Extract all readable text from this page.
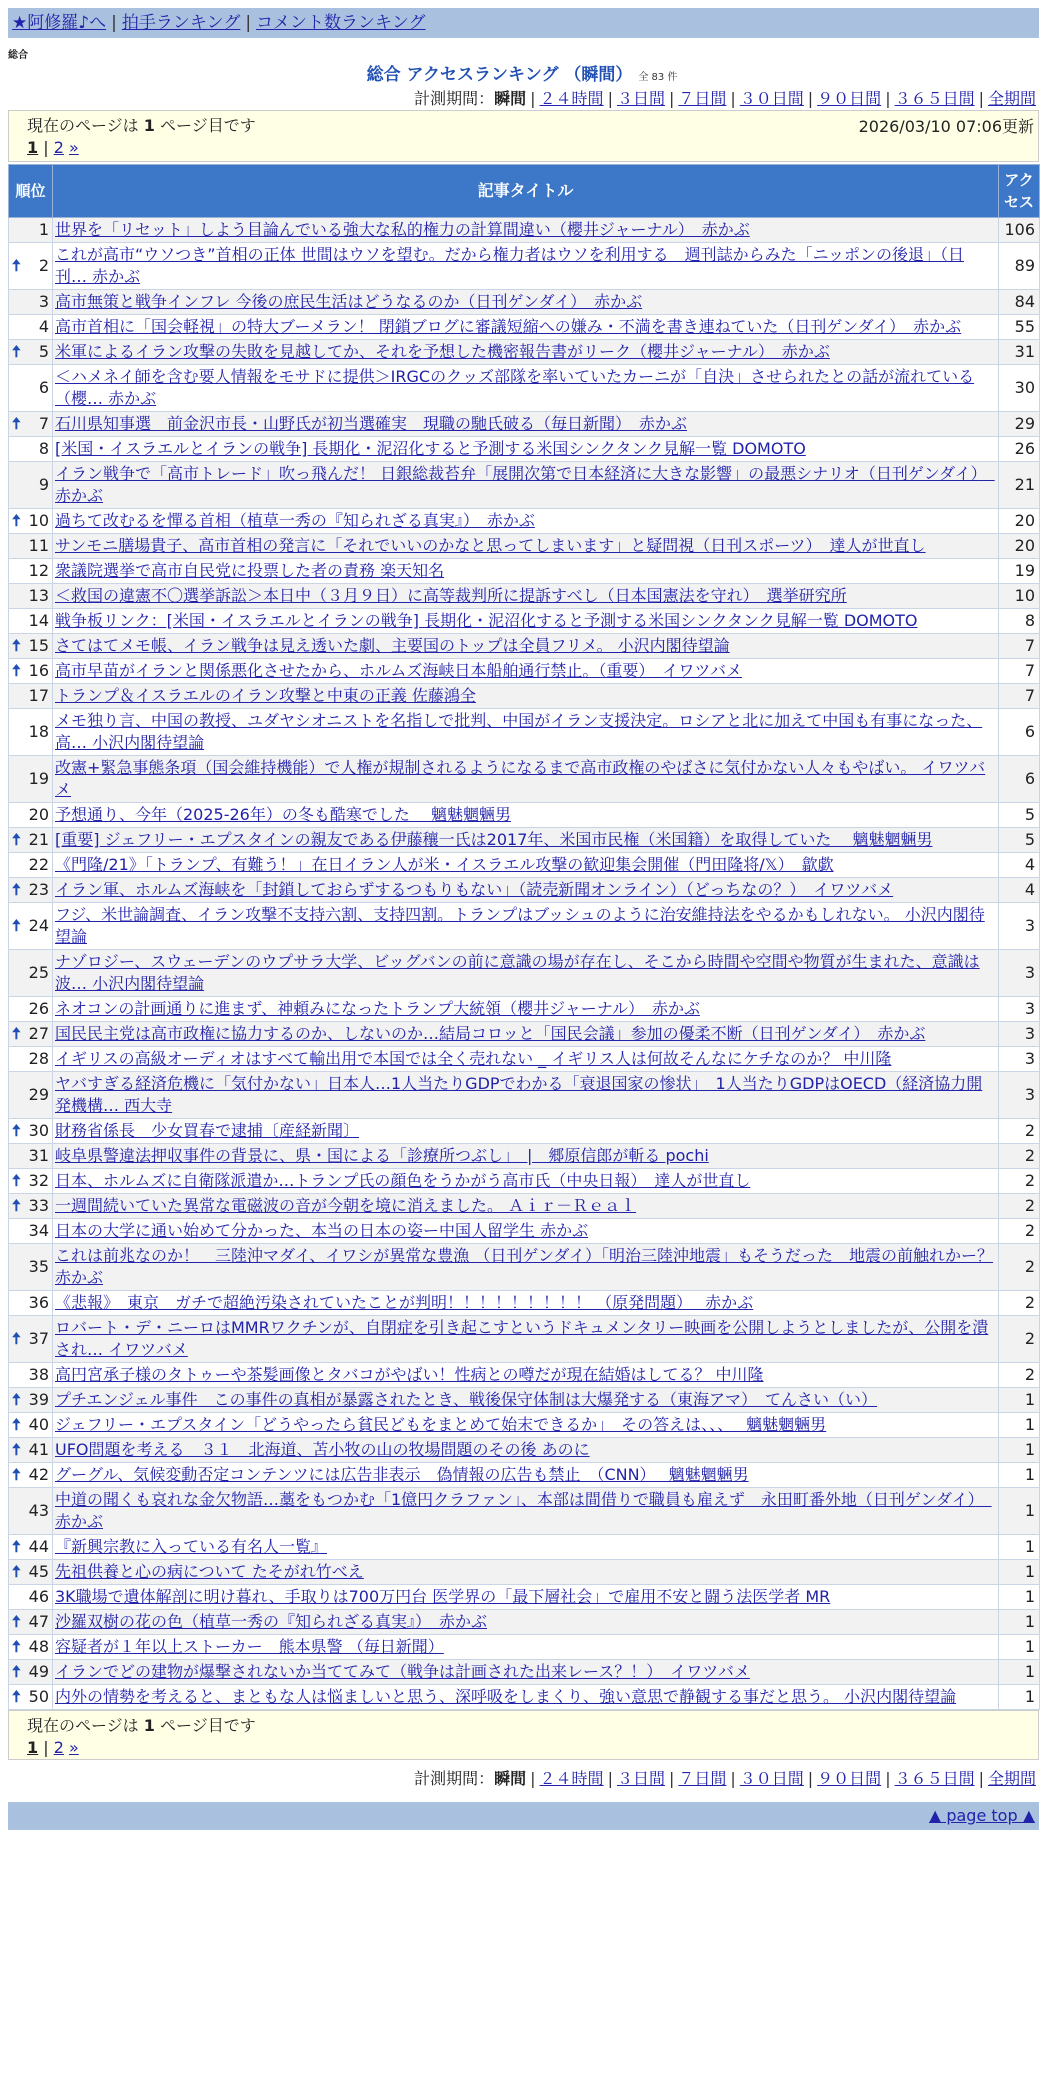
★阿修羅♪へ | 拍手ランキング | コメント数ランキング
総合
総合 アクセスランキング （瞬間） 全 83 件
計測期間：瞬間 | ２４時間 | ３日間 | ７日間 | ３０日間 | ９０日間 | ３６５日間 | 全期間
現在のページは 1 ページ目です	2026/03/10 07:06更新
1 | 2 »
順位	記事タイトル	アクセス
1	世界を「リセット」しよう目論んでいる強大な私的権力の計算間違い（櫻井ジャーナル）　赤かぶ	106

🠅 2	これが高市“ウソつき”首相の正体 世間はウソを望む。だから権力者はウソを利用する　週刊誌からみた「ニッポンの後退」（日刊… 赤かぶ	89
3	高市無策と戦争インフレ 今後の庶民生活はどうなるのか（日刊ゲンダイ）　赤かぶ	84
4	高市首相に「国会軽視」の特大ブーメラン！ 閉鎖ブログに審議短縮への嫌み・不満を書き連ねていた（日刊ゲンダイ）　赤かぶ	55

🠅 5	米軍によるイラン攻撃の失敗を見越してか、それを予想した機密報告書がリーク（櫻井ジャーナル）　赤かぶ	31
6	＜ハメネイ師を含む要人情報をモサドに提供＞IRGCのクッズ部隊を率いていたカーニが「自決」させられたとの話が流れている（櫻… 赤かぶ	30

🠅 7	石川県知事選　前金沢市長・山野氏が初当選確実　現職の馳氏破る（毎日新聞）　赤かぶ	29
8	[米国・イスラエルとイランの戦争] 長期化・泥沼化すると予測する米国シンクタンク見解一覧 DOMOTO	26
9	イラン戦争で「高市トレード」吹っ飛んだ！ 日銀総裁苔弁「展開次第で日本経済に大きな影響」の最悪シナリオ（日刊ゲンダイ）　赤かぶ	21

🠅 10	過ちて改むるを憚る首相（植草一秀の『知られざる真実』）　赤かぶ	20
11	サンモニ膳場貴子、高市首相の発言に「それでいいのかなと思ってしまいます」と疑問視（日刊スポーツ）　達人が世直し	20
12	衆議院選挙で高市自民党に投票した者の責務 楽天知名	19
13	＜救国の違憲不〇選挙訴訟＞本日中（３月９日）に高等裁判所に提訴すべし（日本国憲法を守れ）　選挙研究所	10
14	戦争板リンク：[米国・イスラエルとイランの戦争] 長期化・泥沼化すると予測する米国シンクタンク見解一覧 DOMOTO	8

🠅 15	さてはてメモ帳、イラン戦争は見え透いた劇、主要国のトップは全員フリメ。 小沢内閣待望論	7

🠅 16	高市早苗がイランと関係悪化させたから、ホルムズ海峡日本船舶通行禁止。（重要）　イワツバメ	7
17	トランプ＆イスラエルのイラン攻撃と中東の正義 佐藤鴻全	7
18	メモ独り言、中国の教授、ユダヤシオニストを名指しで批判、中国がイラン支援決定。ロシアと北に加えて中国も有事になった、高… 小沢内閣待望論	6
19	改憲+緊急事態条項（国会維持機能）で人権が規制されるようになるまで高市政権のやばさに気付かない人々もやばい。 イワツバメ	6
20	予想通り、今年（2025-26年）の冬も酷寒でした　 魑魅魍魎男	5

🠅 21	[重要] ジェフリー・エプスタインの親友である伊藤穰一氏は2017年、米国市民権（米国籍）を取得していた　 魑魅魍魎男	5
22	《門隆/21》「トランプ、有難う！」在日イラン人が米・イスラエル攻撃の歓迎集会開催（門田隆将/𝕏）　歙歔	4

🠅 23	イラン軍、ホルムズ海峡を「封鎖しておらずするつもりもない」（読売新聞オンライン）（どっちなの？）　イワツバメ	4

🠅 24	フジ、米世論調査、イラン攻撃不支持六割、支持四割。トランプはブッシュのように治安維持法をやるかもしれない。 小沢内閣待望論	3
25	ナゾロジー、スウェーデンのウプサラ大学、ビッグバンの前に意識の場が存在し、そこから時間や空間や物質が生まれた、意識は波… 小沢内閣待望論	3
26	ネオコンの計画通りに進まず、神頼みになったトランプ大統領（櫻井ジャーナル）　赤かぶ	3

🠅 27	国民民主党は高市政権に協力するのか、しないのか…結局コロッと「国民会議」参加の優柔不断（日刊ゲンダイ）　赤かぶ	3
28	イギリスの高級オーディオはすべて輸出用で本国では全く売れない _ イギリス人は何故そんなにケチなのか？ 中川隆	3
29	ヤバすぎる経済危機に「気付かない」日本人…1人当たりGDPでわかる「衰退国家の惨状」　1人当たりGDPはOECD（経済協力開発機構… 西大寺	3

🠅 30	財務省係長　少女買春で逮捕〔産経新聞〕	2
31	岐阜県警違法押収事件の背景に、県・国による「診療所つぶし」　|　郷原信郎が斬る pochi	2

🠅 32	日本、ホルムズに自衛隊派遣か…トランプ氏の顔色をうかがう高市氏（中央日報）　達人が世直し	2

🠅 33	一週間続いていた異常な電磁波の音が今朝を境に消えました。 Ａｉｒ－Ｒｅａｌ	2
34	日本の大学に通い始めて分かった、本当の日本の姿ー中国人留学生 赤かぶ	2
35	これは前兆なのか！　三陸沖マダイ、イワシが異常な豊漁 （日刊ゲンダイ）「明治三陸沖地震」もそうだった　地震の前触れかー？ 赤かぶ	2
36	《悲報》　東京　ガチで超絶汚染されていたことが判明！！！！！！！！！ （原発問題）　 赤かぶ	2

🠅 37	ロバート・デ・ニーロはMMRワクチンが、自閉症を引き起こすというドキュメンタリー映画を公開しようとしましたが、公開を潰され… イワツバメ	2
38	高円宮承子様のタトゥーや茶髪画像とタバコがやばい！性病との噂だが現在結婚はしてる？ 中川隆	2

🠅 39	プチエンジェル事件　この事件の真相が暴露されたとき、戦後保守体制は大爆発する（東海アマ）　てんさい（い）	1

🠅 40	ジェフリー・エプスタイン「どうやったら貧民どもをまとめて始末できるか」　その答えは、、、　 魑魅魍魎男	1

🠅 41	UFO問題を考える　３１　北海道、苫小牧の山の牧場問題のその後 あのに	1

🠅 42	グーグル、気候変動否定コンテンツには広告非表示　偽情報の広告も禁止　（CNN）　 魑魅魍魎男	1
43	中道の聞くも哀れな金欠物語…藁をもつかむ「1億円クラファン」、本部は間借りで職員も雇えず　永田町番外地（日刊ゲンダイ）　赤かぶ	1

🠅 44	『新興宗教に入っている有名人一覧』	1

🠅 45	先祖供養と心の病について たそがれ竹べえ	1
46	3K職場で遺体解剖に明け暮れ、手取りは700万円台 医学界の「最下層社会」で雇用不安と闘う法医学者 MR	1

🠅 47	沙羅双樹の花の色（植草一秀の『知られざる真実』）　赤かぶ	1

🠅 48	容疑者が１年以上ストーカー　熊本県警 （毎日新聞）	1

🠅 49	イランでどの建物が爆撃されないか当ててみて（戦争は計画された出来レース？！）　イワツバメ	1

🠅 50	内外の情勢を考えると、まともな人は悩ましいと思う、深呼吸をしまくり、強い意思で静観する事だと思う。 小沢内閣待望論	1
現在のページは 1 ページ目です
1 | 2 »
計測期間：瞬間 | ２４時間 | ３日間 | ７日間 | ３０日間 | ９０日間 | ３６５日間 | 全期間
▲ page top ▲
